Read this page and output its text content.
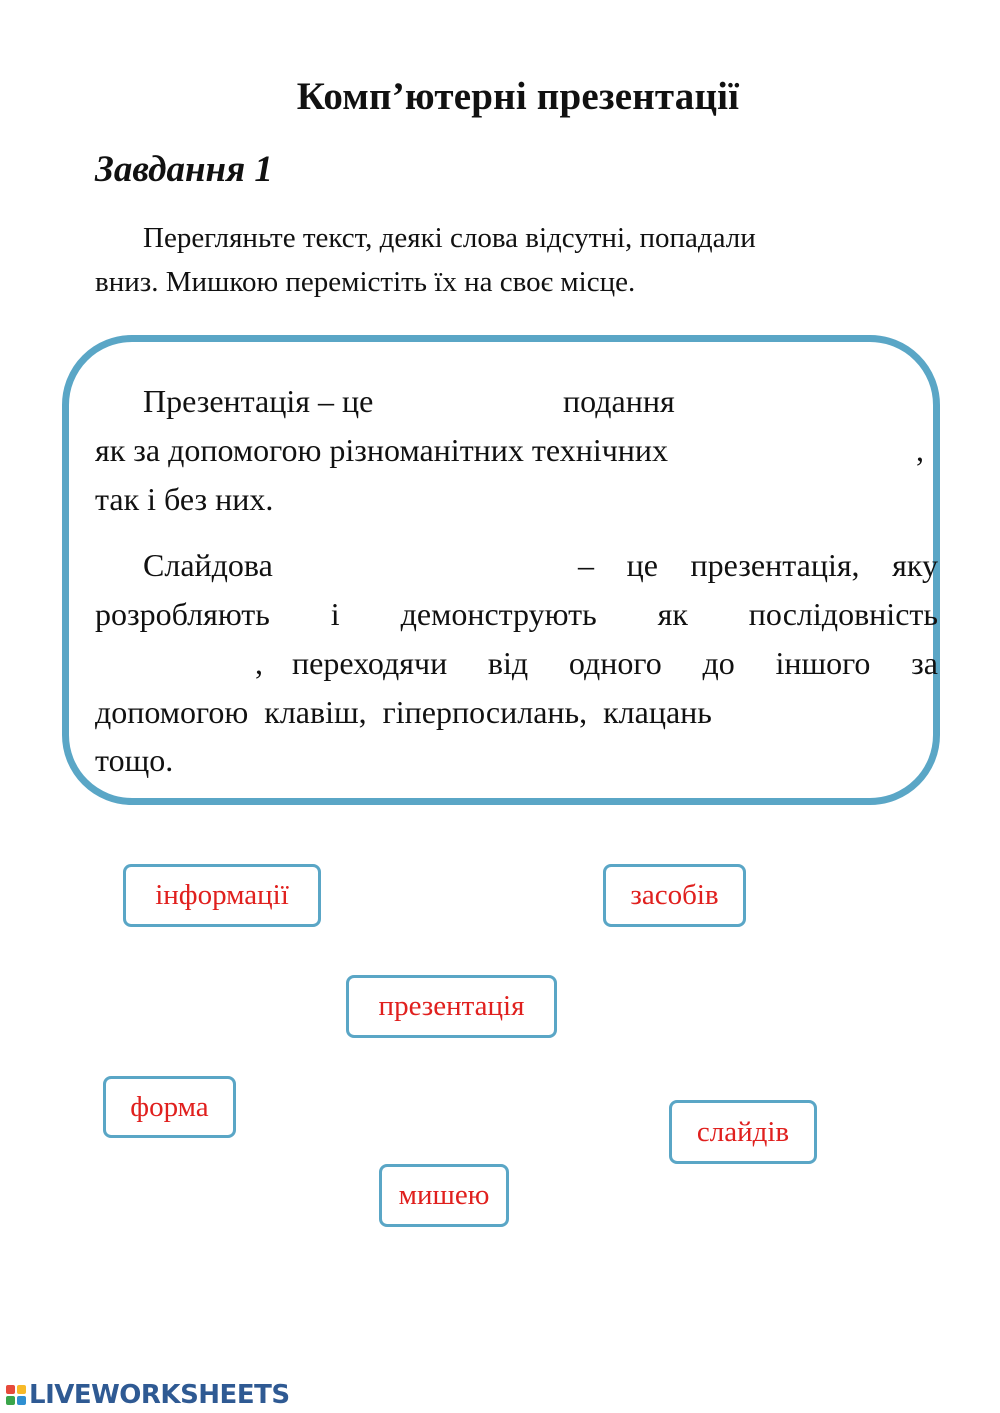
Комп’ютерні презентації
Завдання 1
Перегляньте текст, деякі слова відсутні, попадали
вниз. Мишкою перемістіть їх на своє місце.
Презентація – це	подання
як за допомогою різноманітних технічних	,
так і без них.
Слайдова	– це презентація, яку
розробляють і демонструють як послідовність
, переходячи від одного до іншого за
допомогою  клавіш,  гіперпосилань,  клацань
тощо.
інформації	засобів
презентація
форма
слайдів
мишею
LIVEWORKSHEETS
